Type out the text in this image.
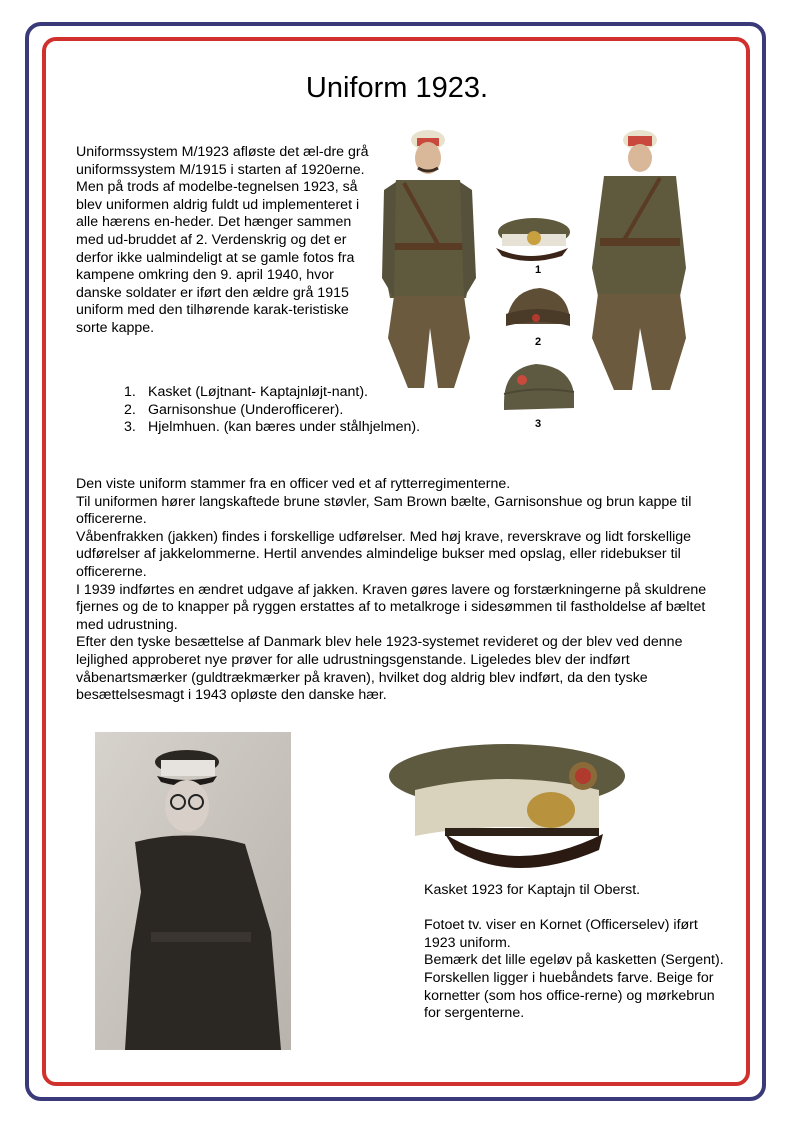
Uniform 1923.

Uniformssystem M/1923 afløste det æl-dre grå uniformssystem M/1915 i starten af 1920erne. Men på trods af modelbe-tegnelsen 1923, så blev uniformen aldrig fuldt ud implementeret i alle hærens en-heder. Det hænger sammen med ud-bruddet af 2. Verdenskrig og det er derfor ikke ualmindeligt at se gamle fotos fra kampene omkring den 9. april 1940, hvor danske soldater er iført den ældre grå 1915 uniform med den tilhørende karak-teristiske sorte kappe.

1
2
3
1. Kasket (Løjtnant- Kaptajnløjt-nant).
2. Garnisonshue (Underofficerer).
3. Hjelmhuen. (kan bæres under stålhjelmen).

Den viste uniform stammer fra en officer ved et af rytterregimenterne.

Til uniformen hører langskaftede brune støvler, Sam Brown bælte, Garnisonshue og brun kappe til officererne.

Våbenfrakken (jakken) findes i forskellige udførelser. Med høj krave, reverskrave og lidt forskellige udførelser af jakkelommerne. Hertil anvendes almindelige bukser med opslag, eller ridebukser til officererne.

I 1939 indførtes en ændret udgave af jakken. Kraven gøres lavere og forstærkningerne på skuldrene fjernes og de to knapper på ryggen erstattes af to metalkroge i sidesømmen til fastholdelse af bæltet med udrustning.

Efter den tyske besættelse af Danmark blev hele 1923-systemet revideret og der blev ved denne lejlighed approberet nye prøver for alle udrustningsgenstande. Ligeledes blev der indført våbenartsmærker (guldtrækmærker på kraven), hvilket dog aldrig blev indført, da den tyske besættelsesmagt i 1943 opløste den danske hær.

Kasket 1923 for Kaptajn til Oberst.

Fotoet tv. viser en Kornet (Officerselev) iført 1923 uniform.

Bemærk det lille egeløv på kasketten (Sergent). Forskellen ligger i huebåndets farve. Beige for kornetter (som hos office-rerne) og mørkebrun for sergenterne.
